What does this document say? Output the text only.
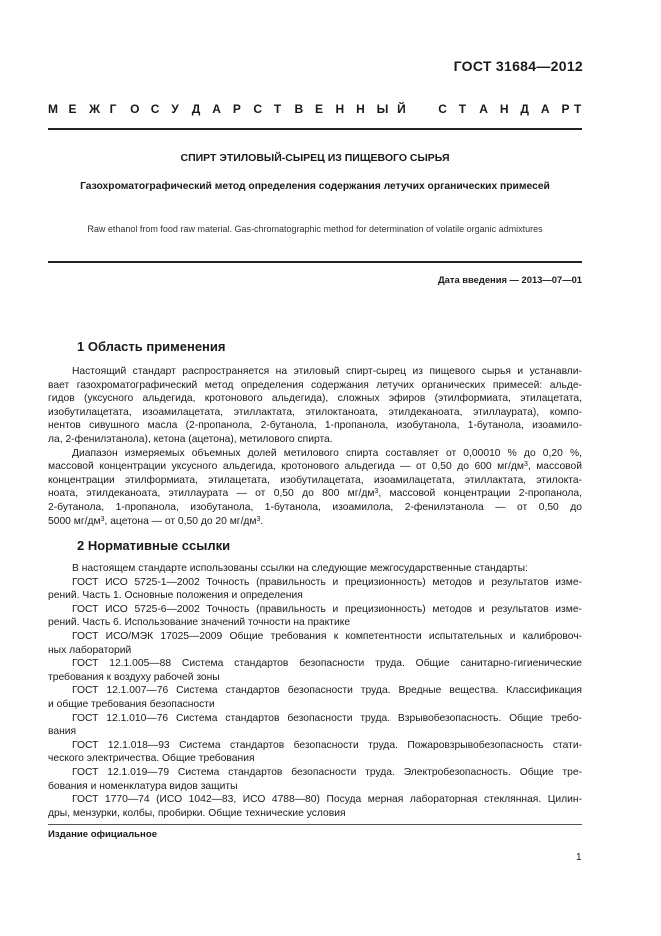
ГОСТ 31684—2012
М Е Ж Г О С У Д А Р С Т В Е Н Н Ы Й	С Т А Н Д А Р Т
СПИРТ ЭТИЛОВЫЙ-СЫРЕЦ ИЗ ПИЩЕВОГО СЫРЬЯ
Газохроматографический метод определения содержания летучих органических примесей
Raw ethanol from food raw material. Gas-chromatographic method for determination of volatile organic admixtures
Дата введения — 2013—07—01
1 Область применения

Настоящий стандарт распространяется на этиловый спирт-сырец из пищевого сырья и устанавли-
вает газохроматографический метод определения содержания летучих органических примесей: альде-
гидов (уксусного альдегида, кротонового альдегида), сложных эфиров (этилформиата, этилацетата,
изобутилацетата, изоамилацетата, этиллактата, этилоктаноата, этилдеканоата, этиллаурата), компо-
нентов сивушного масла (2-пропанола, 2-бутанола, 1-пропанола, изобутанола, 1-бутанола, изоамило-
ла, 2-фенилэтанола), кетона (ацетона), метилового спирта.

Диапазон измеряемых объемных долей метилового спирта составляет от 0,00010 % до 0,20 %,
массовой концентрации уксусного альдегида, кротонового альдегида — от 0,50 до 600 $мг/дм^3$, массовой
концентрации этилформиата, этилацетата, изобутилацетата, изоамилацетата, этиллактата, этилокта-
ноата, этилдеканоата, этиллаурата — от 0,50 до 800 $мг/дм^3$, массовой концентрации 2-пропанола,
2-бутанола, 1-пропанола, изобутанола, 1-бутанола, изоамилола, 2-фенилэтанола — от 0,50 до
5000 $мг/дм^3$, ацетона — от 0,50 до 20 $мг/дм^3$.

2 Нормативные ссылки
В настоящем стандарте использованы ссылки на следующие межгосударственные стандарты:
ГОСТ ИСО 5725-1—2002 Точность (правильность и прецизионность) методов и результатов изме-
рений. Часть 1. Основные положения и определения
ГОСТ ИСО 5725-6—2002 Точность (правильность и прецизионность) методов и результатов изме-
рений. Часть 6. Использование значений точности на практике
ГОСТ ИСО/МЭК 17025—2009 Общие требования к компетентности испытательных и калибровоч-
ных лабораторий
ГОСТ 12.1.005—88 Система стандартов безопасности труда. Общие санитарно-гигиенические
требования к воздуху рабочей зоны
ГОСТ 12.1.007—76 Система стандартов безопасности труда. Вредные вещества. Классификация
и общие требования безопасности
ГОСТ 12.1.010—76 Система стандартов безопасности труда. Взрывобезопасность. Общие требо-
вания
ГОСТ 12.1.018—93 Система стандартов безопасности труда. Пожаровзрывобезопасность стати-
ческого электричества. Общие требования
ГОСТ 12.1.019—79 Система стандартов безопасности труда. Электробезопасность. Общие тре-
бования и номенклатура видов защиты
ГОСТ 1770—74 (ИСО 1042—83, ИСО 4788—80) Посуда мерная лабораторная стеклянная. Цилин-
дры, мензурки, колбы, пробирки. Общие технические условия
Издание официальное
1
